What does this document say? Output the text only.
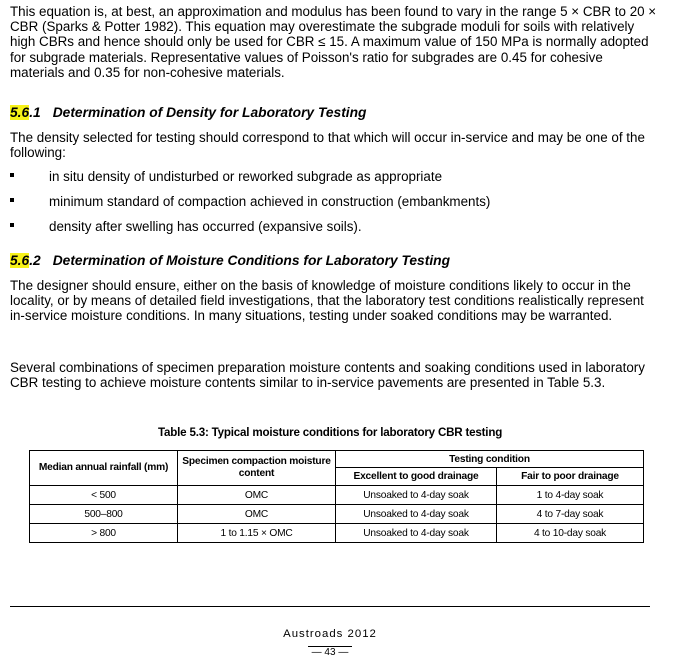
This equation is, at best, an approximation and modulus has been found to vary in the range 5 × CBR to 20 × CBR (Sparks & Potter 1982). This equation may overestimate the subgrade moduli for soils with relatively high CBRs and hence should only be used for CBR ≤ 15. A maximum value of 150 MPa is normally adopted for subgrade materials. Representative values of Poisson's ratio for subgrades are 0.45 for cohesive materials and 0.35 for non-cohesive materials.

5.6.1 Determination of Density for Laboratory Testing

The density selected for testing should correspond to that which will occur in-service and may be one of the following:

in situ density of undisturbed or reworked subgrade as appropriate
minimum standard of compaction achieved in construction (embankments)
density after swelling has occurred (expansive soils).
5.6.2 Determination of Moisture Conditions for Laboratory Testing

The designer should ensure, either on the basis of knowledge of moisture conditions likely to occur in the locality, or by means of detailed field investigations, that the laboratory test conditions realistically represent in-service moisture conditions. In many situations, testing under soaked conditions may be warranted.

Several combinations of specimen preparation moisture contents and soaking conditions used in laboratory CBR testing to achieve moisture contents similar to in-service pavements are presented in Table 5.3.

Table 5.3: Typical moisture conditions for laboratory CBR testing
Median annual rainfall (mm)	Specimen compaction moisture content	Testing condition	
		Excellent to good drainage	Fair to poor drainage
< 500	OMC	Unsoaked to 4-day soak	1 to 4-day soak
500–800	OMC	Unsoaked to 4-day soak	4 to 7-day soak
> 800	1 to 1.15 × OMC	Unsoaked to 4-day soak	4 to 10-day soak
Austroads 2012
— 43 —
